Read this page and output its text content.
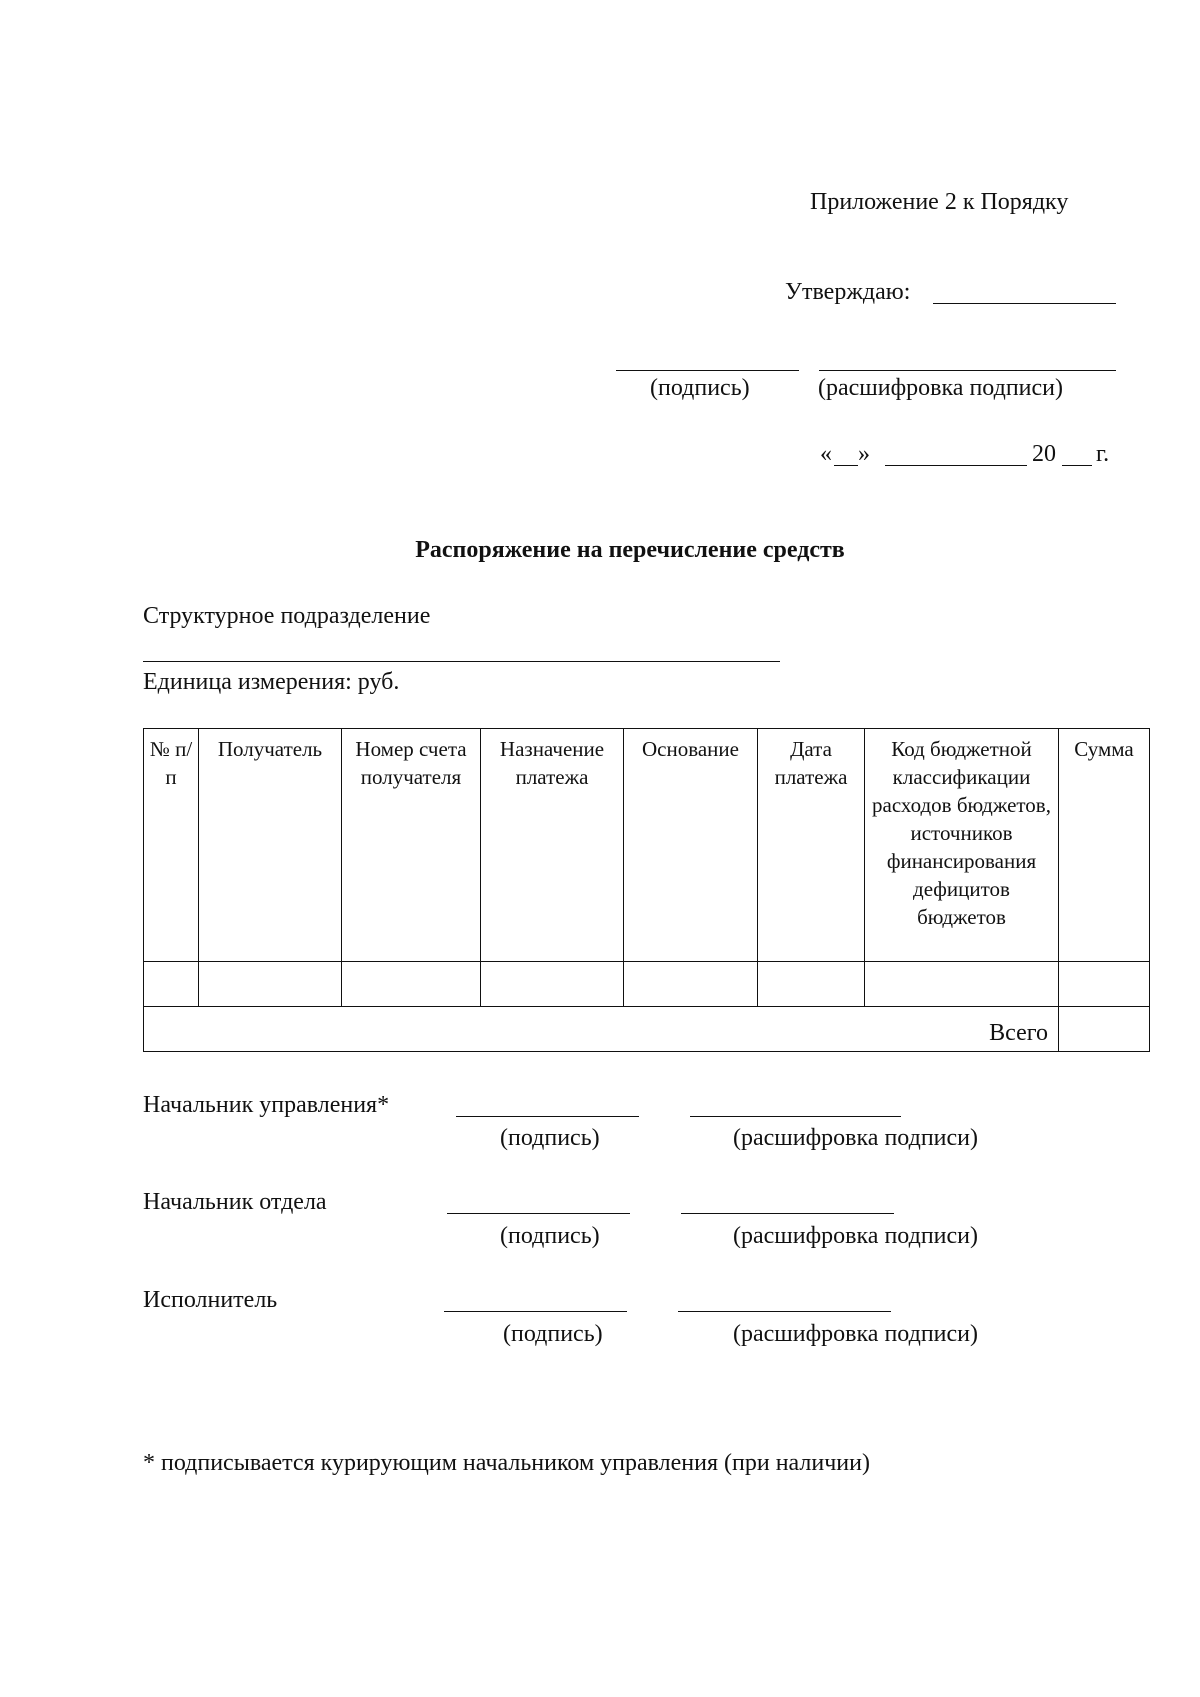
Приложение 2 к Порядку
Утверждаю:
(подпись)	(расшифровка подписи)
« »	20 г.
Распоряжение на перечисление средств
Структурное подразделение
Единица измерения: руб.
№ п/п	Получатель	Номер счета получателя	Назначение платежа	Основание	Дата платежа	Код бюджетной классификации расходов бюджетов, источников финансирования дефицитов бюджетов	Сумма

Всего							
Начальник управления*
(подпись)	(расшифровка подписи)
Начальник отдела
(подпись)	(расшифровка подписи)
Исполнитель
(подпись)	(расшифровка подписи)
* подписывается курирующим начальником управления (при наличии)
